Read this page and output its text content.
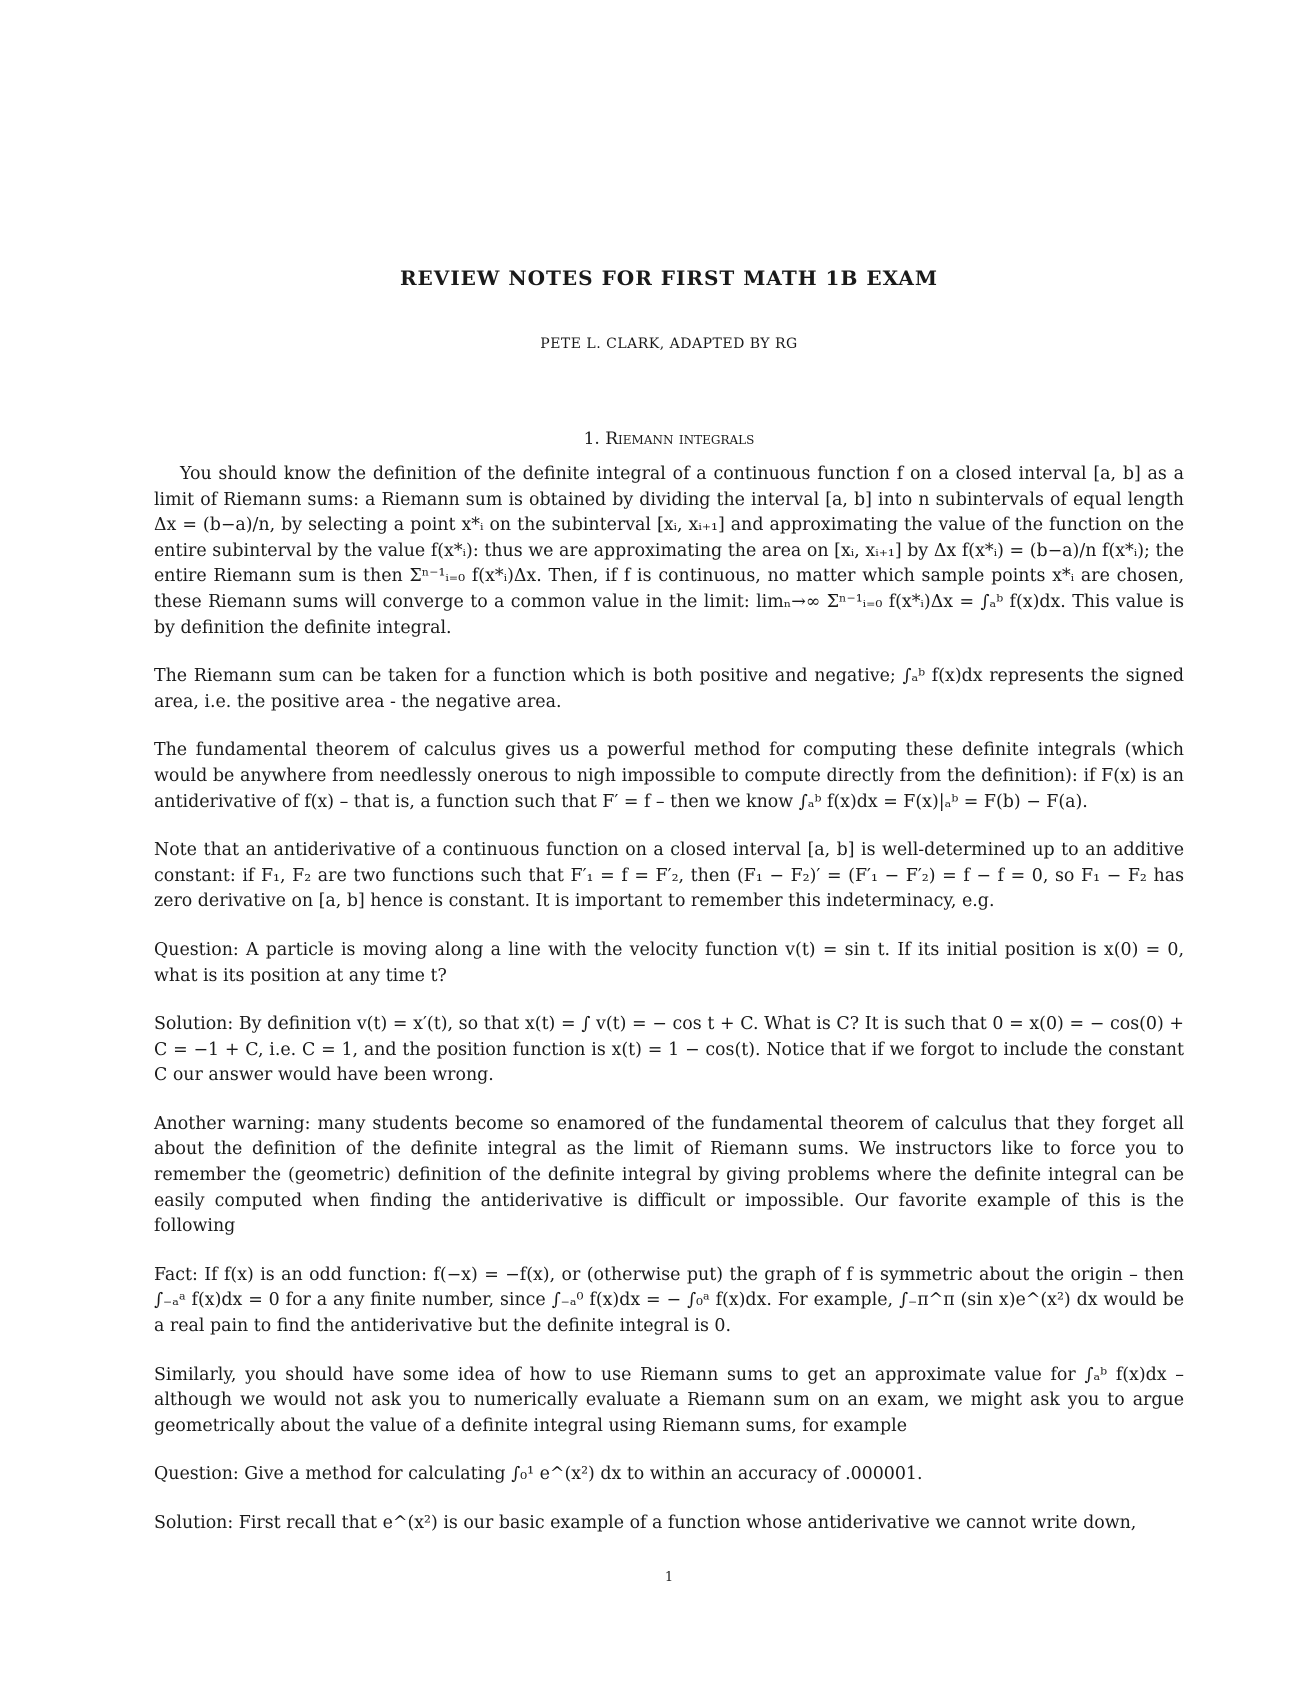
REVIEW NOTES FOR FIRST MATH 1B EXAM
PETE L. CLARK, ADAPTED BY RG
1. Riemann integrals

You should know the definition of the definite integral of a continuous function f on a closed interval [a, b] as a limit of Riemann sums: a Riemann sum is obtained by dividing the interval [a, b] into n subintervals of equal length Δx = (b−a)/n, by selecting a point x*ᵢ on the subinterval [xᵢ, xᵢ₊₁] and approximating the value of the function on the entire subinterval by the value f(x*ᵢ): thus we are approximating the area on [xᵢ, xᵢ₊₁] by Δx f(x*ᵢ) = (b−a)/n f(x*ᵢ); the entire Riemann sum is then Σⁿ⁻¹ᵢ₌₀ f(x*ᵢ)Δx. Then, if f is continuous, no matter which sample points x*ᵢ are chosen, these Riemann sums will converge to a common value in the limit: limₙ→∞ Σⁿ⁻¹ᵢ₌₀ f(x*ᵢ)Δx = ∫ₐᵇ f(x)dx. This value is by definition the definite integral.

The Riemann sum can be taken for a function which is both positive and negative; ∫ₐᵇ f(x)dx represents the signed area, i.e. the positive area - the negative area.

The fundamental theorem of calculus gives us a powerful method for computing these definite integrals (which would be anywhere from needlessly onerous to nigh impossible to compute directly from the definition): if F(x) is an antiderivative of f(x) – that is, a function such that F′ = f – then we know ∫ₐᵇ f(x)dx = F(x)|ₐᵇ = F(b) − F(a).

Note that an antiderivative of a continuous function on a closed interval [a, b] is well-determined up to an additive constant: if F₁, F₂ are two functions such that F′₁ = f = F′₂, then (F₁ − F₂)′ = (F′₁ − F′₂) = f − f = 0, so F₁ − F₂ has zero derivative on [a, b] hence is constant. It is important to remember this indeterminacy, e.g.

Question: A particle is moving along a line with the velocity function v(t) = sin t. If its initial position is x(0) = 0, what is its position at any time t?

Solution: By definition v(t) = x′(t), so that x(t) = ∫ v(t) = − cos t + C. What is C? It is such that 0 = x(0) = − cos(0) + C = −1 + C, i.e. C = 1, and the position function is x(t) = 1 − cos(t). Notice that if we forgot to include the constant C our answer would have been wrong.

Another warning: many students become so enamored of the fundamental theorem of calculus that they forget all about the definition of the definite integral as the limit of Riemann sums. We instructors like to force you to remember the (geometric) definition of the definite integral by giving problems where the definite integral can be easily computed when finding the antiderivative is difficult or impossible. Our favorite example of this is the following

Fact: If f(x) is an odd function: f(−x) = −f(x), or (otherwise put) the graph of f is symmetric about the origin – then ∫₋ₐᵃ f(x)dx = 0 for a any finite number, since ∫₋ₐ⁰ f(x)dx = − ∫₀ᵃ f(x)dx. For example, ∫₋π^π (sin x)e^(x²) dx would be a real pain to find the antiderivative but the definite integral is 0.

Similarly, you should have some idea of how to use Riemann sums to get an approximate value for ∫ₐᵇ f(x)dx – although we would not ask you to numerically evaluate a Riemann sum on an exam, we might ask you to argue geometrically about the value of a definite integral using Riemann sums, for example

Question: Give a method for calculating ∫₀¹ e^(x²) dx to within an accuracy of .000001.

Solution: First recall that e^(x²) is our basic example of a function whose antiderivative we cannot write down,

1
